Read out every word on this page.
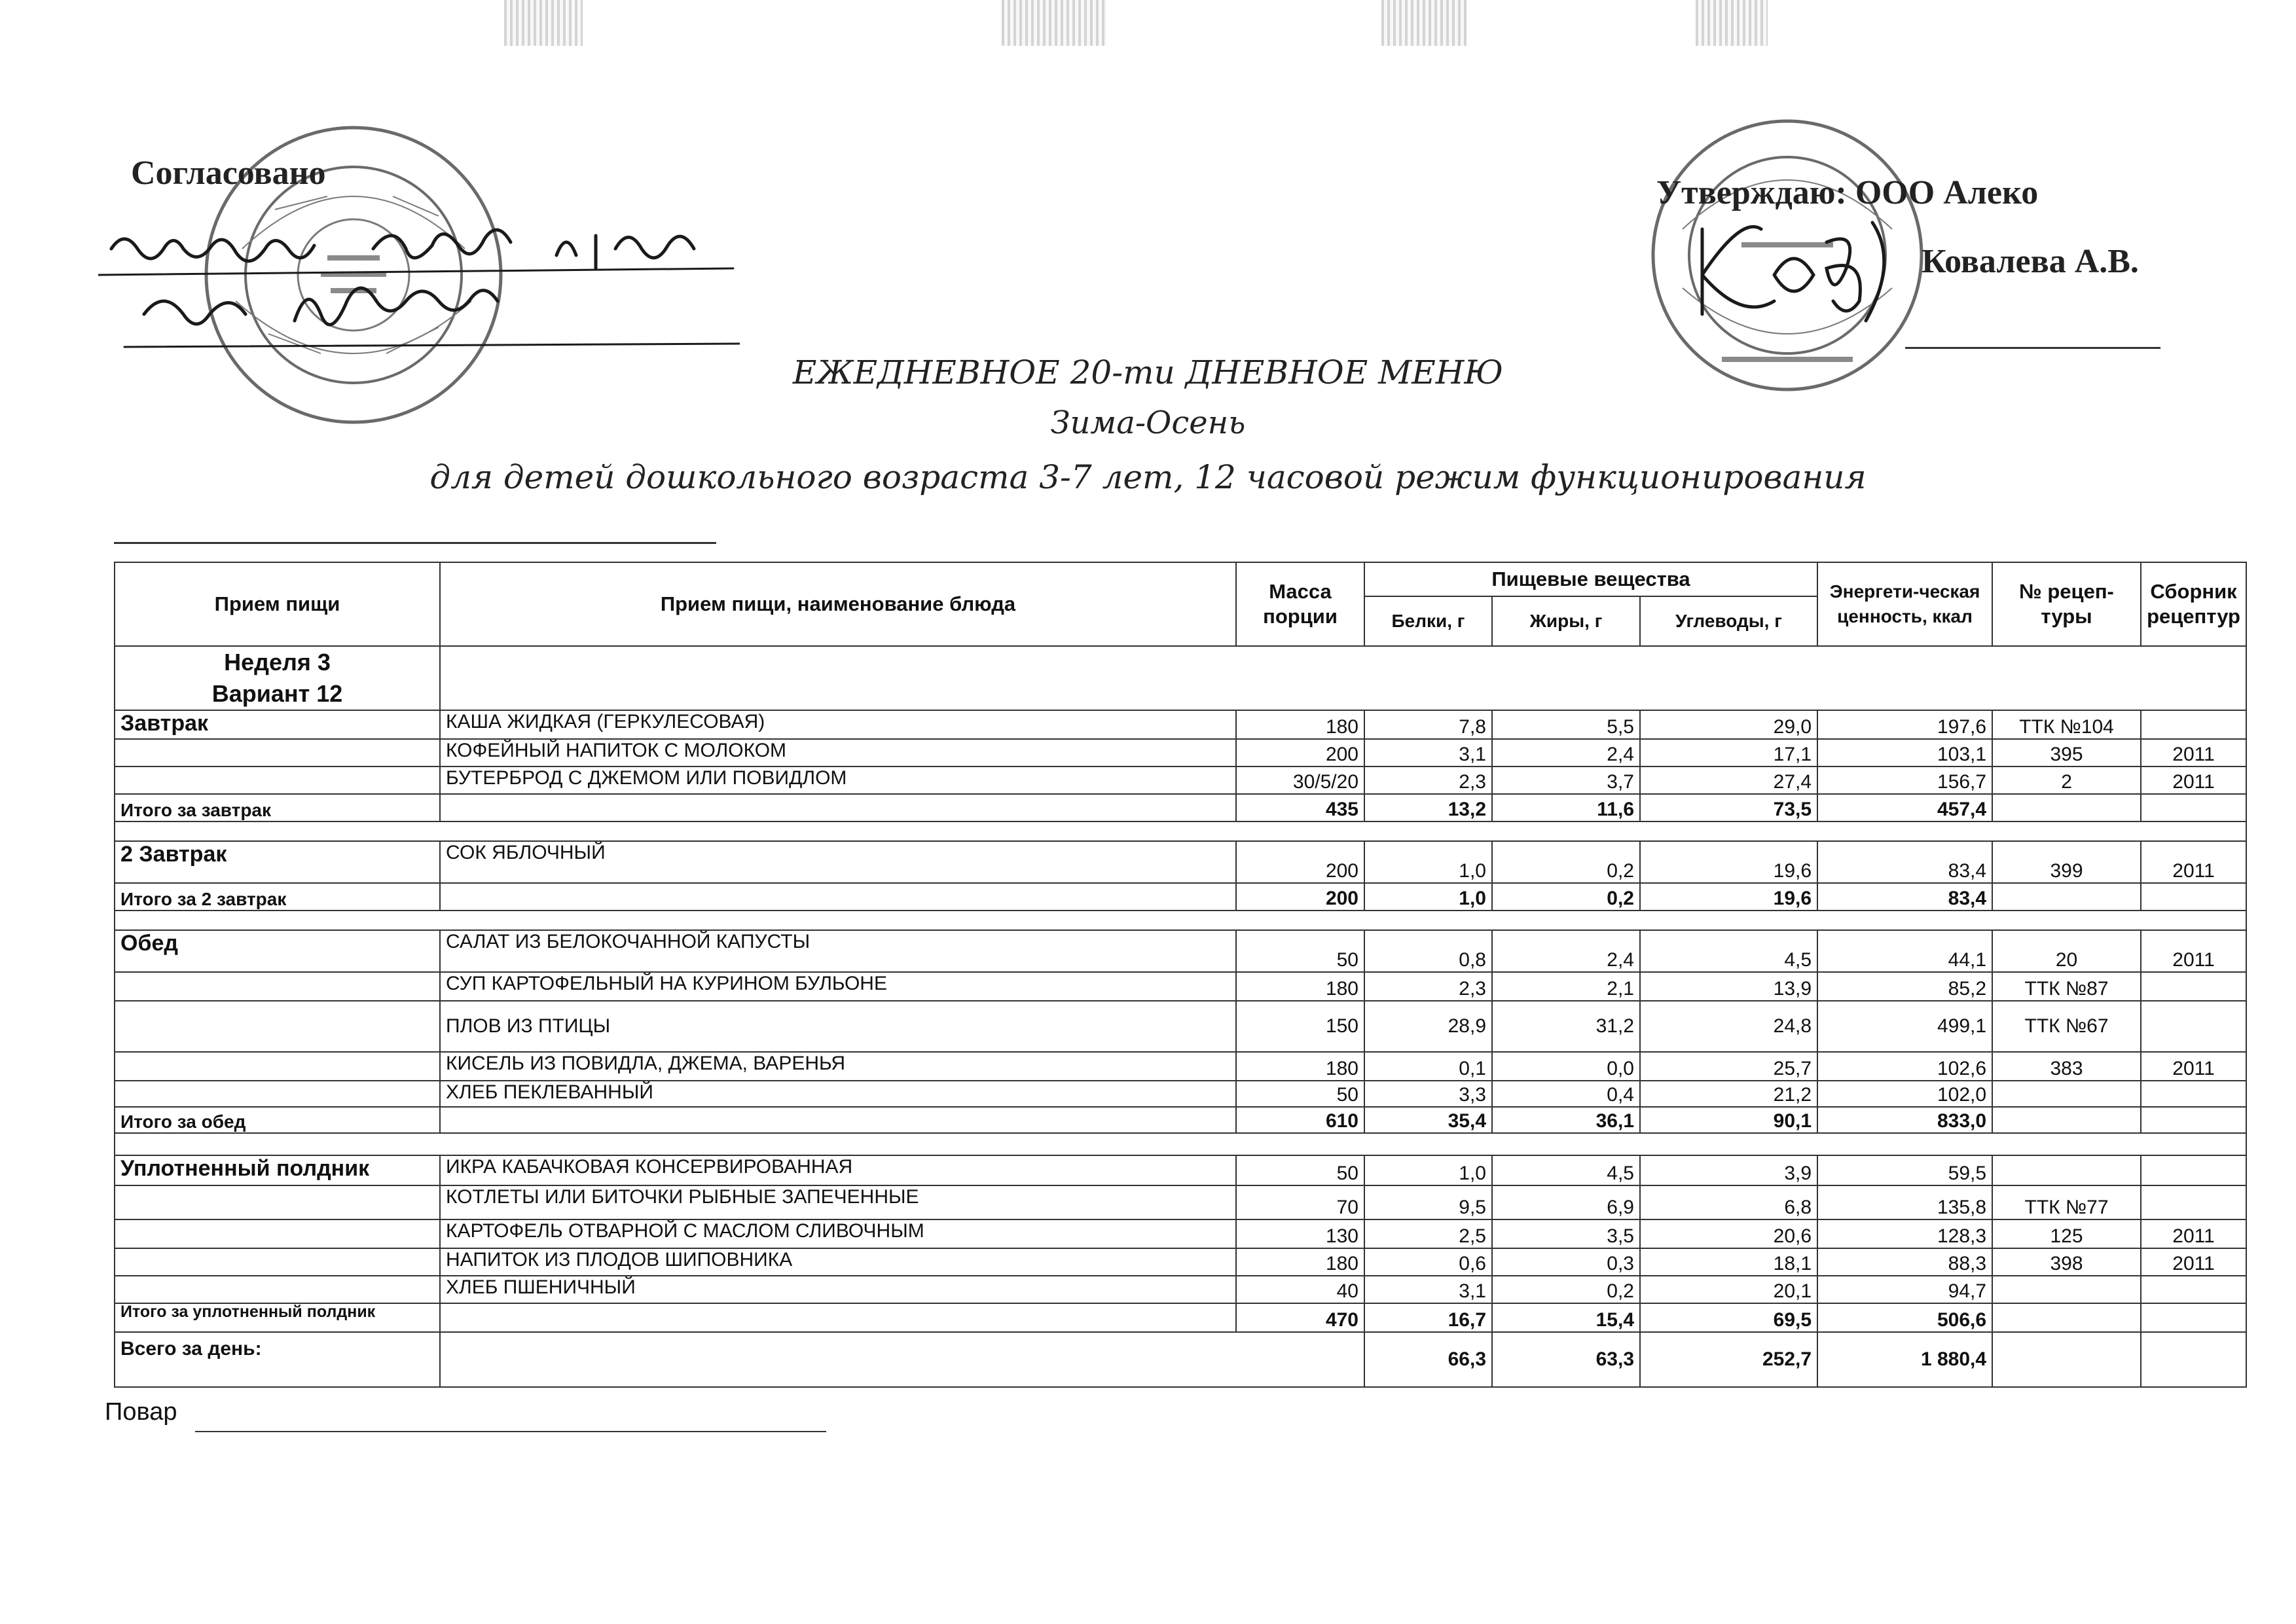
Согласовано
Утверждаю: ООО Алеко
Ковалева А.В.
ЕЖЕДНЕВНОЕ 20-ти ДНЕВНОЕ МЕНЮ
Зима-Осень
для детей дошкольного возраста 3-7 лет, 12 часовой режим функционирования
Прием пищи	Прием пищи, наименование блюда	Масса порции	Пищевые вещества			Энергети-ческая ценность, ккал	№ рецеп-туры	Сборник рецептур
			Белки, г	Жиры, г	Углеводы, г			

Неделя 3
Вариант 12								

Завтрак	КАША ЖИДКАЯ (ГЕРКУЛЕСОВАЯ)	180	7,8	5,5	29,0	197,6	ТТК №104	
	КОФЕЙНЫЙ НАПИТОК С МОЛОКОМ	200	3,1	2,4	17,1	103,1	395	2011
	БУТЕРБРОД С ДЖЕМОМ ИЛИ ПОВИДЛОМ	30/5/20	2,3	3,7	27,4	156,7	2	2011
Итого за завтрак		435	13,2	11,6	73,5	457,4		

2 Завтрак	СОК ЯБЛОЧНЫЙ	200	1,0	0,2	19,6	83,4	399	2011
Итого за 2 завтрак		200	1,0	0,2	19,6	83,4		

Обед	САЛАТ ИЗ БЕЛОКОЧАННОЙ КАПУСТЫ	50	0,8	2,4	4,5	44,1	20	2011
	СУП КАРТОФЕЛЬНЫЙ НА КУРИНОМ БУЛЬОНЕ	180	2,3	2,1	13,9	85,2	ТТК №87	
	ПЛОВ ИЗ ПТИЦЫ	150	28,9	31,2	24,8	499,1	ТТК №67	
	КИСЕЛЬ ИЗ ПОВИДЛА, ДЖЕМА, ВАРЕНЬЯ	180	0,1	0,0	25,7	102,6	383	2011
	ХЛЕБ ПЕКЛЕВАННЫЙ	50	3,3	0,4	21,2	102,0		
Итого за обед		610	35,4	36,1	90,1	833,0		

Уплотненный полдник	ИКРА КАБАЧКОВАЯ КОНСЕРВИРОВАННАЯ	50	1,0	4,5	3,9	59,5		
	КОТЛЕТЫ ИЛИ БИТОЧКИ РЫБНЫЕ ЗАПЕЧЕННЫЕ	70	9,5	6,9	6,8	135,8	ТТК №77	
	КАРТОФЕЛЬ ОТВАРНОЙ С МАСЛОМ СЛИВОЧНЫМ	130	2,5	3,5	20,6	128,3	125	2011
	НАПИТОК ИЗ ПЛОДОВ ШИПОВНИКА	180	0,6	0,3	18,1	88,3	398	2011
	ХЛЕБ ПШЕНИЧНЫЙ	40	3,1	0,2	20,1	94,7		
Итого за уплотненный полдник		470	16,7	15,4	69,5	506,6		
Всего за день:			66,3	63,3	252,7	1 880,4		
Повар
